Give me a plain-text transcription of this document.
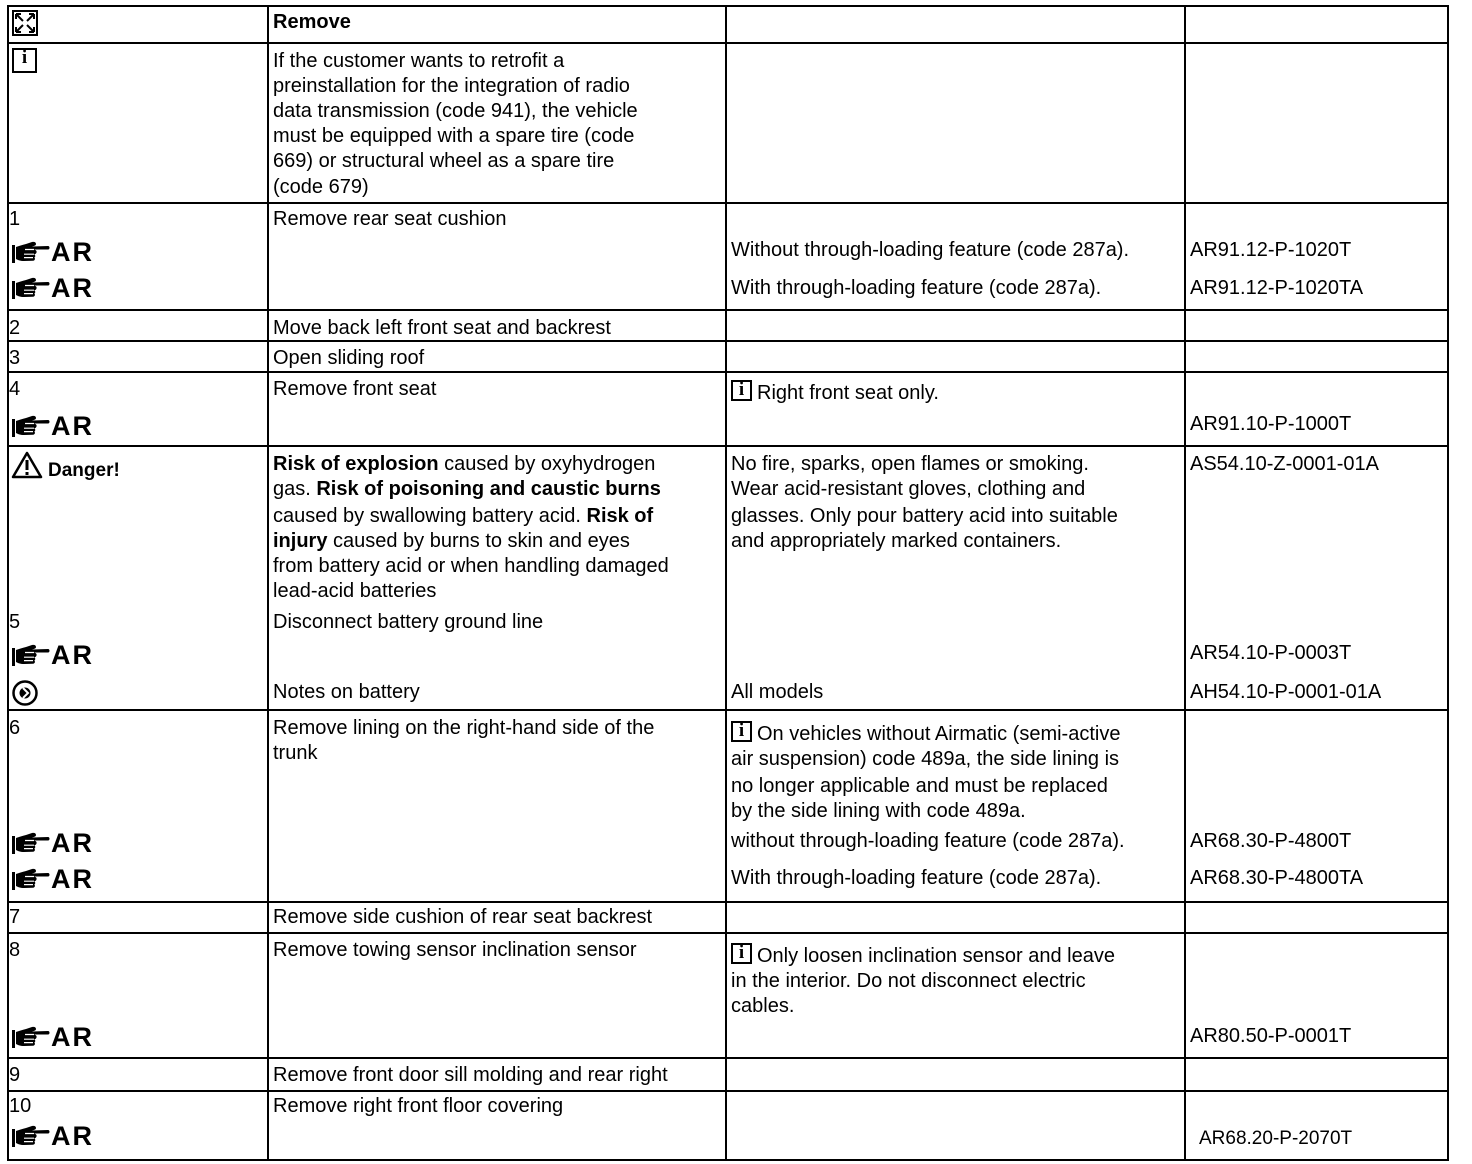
Remove
i
If the customer wants to retrofit a
preinstallation for the integration of radio
data transmission (code 941), the vehicle
must be equipped with a spare tire (code
669) or structural wheel as a spare tire
(code 679)
1	Remove rear seat cushion
AR
AR
Without through-loading feature (code 287a).
With through-loading feature (code 287a).
AR91.12-P-1020T
AR91.12-P-1020TA
2	Move back left front seat and backrest
3	Open sliding roof
4	Remove front seat
AR
iRight front seat only.
AR91.10-P-1000T
Danger!	Risk of explosion caused by oxyhydrogen
gas. Risk of poisoning and caustic burns
caused by swallowing battery acid. Risk of
injury caused by burns to skin and eyes
from battery acid or when handling damaged
lead-acid batteries
No fire, sparks, open flames or smoking.
Wear acid-resistant gloves, clothing and
glasses. Only pour battery acid into suitable
and appropriately marked containers.
AS54.10-Z-0001-01A
5	Disconnect battery ground line
AR	AR54.10-P-0003T
Notes on battery	All models	AH54.10-P-0001-01A
6	Remove lining on the right-hand side of the
trunk
iOn vehicles without Airmatic (semi-active
air suspension) code 489a, the side lining is
no longer applicable and must be replaced
by the side lining with code 489a.
AR
AR
without through-loading feature (code 287a).
With through-loading feature (code 287a).
AR68.30-P-4800T
AR68.30-P-4800TA
7	Remove side cushion of rear seat backrest
8	Remove towing sensor inclination sensor
i	Only loosen inclination sensor and leave
in the interior. Do not disconnect electric
cables.
AR	AR80.50-P-0001T
9	Remove front door sill molding and rear right
10	Remove right front floor covering
AR	AR68.20-P-2070T
